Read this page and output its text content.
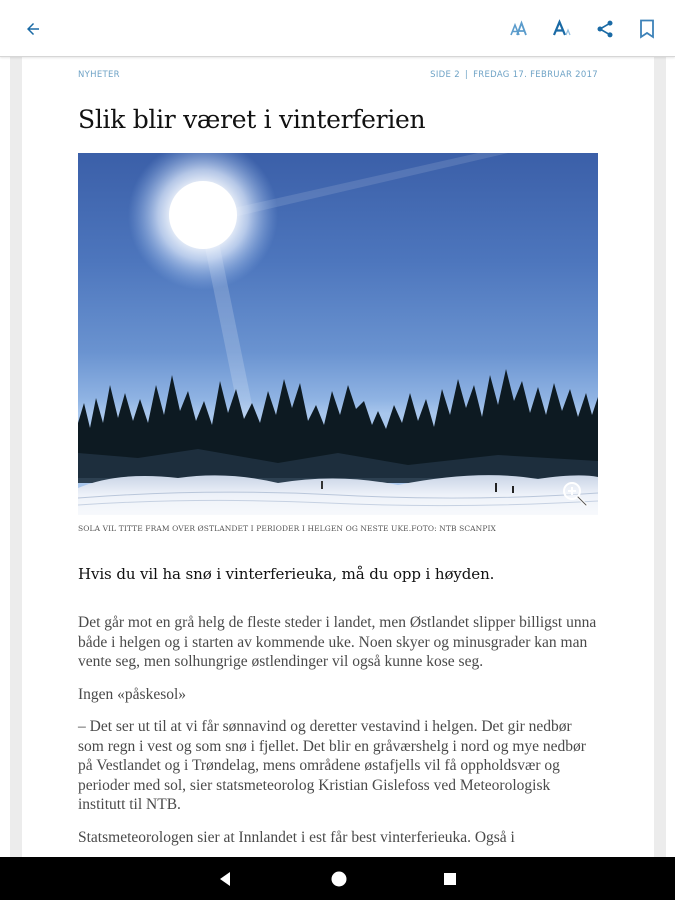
NYHETER	SIDE 2 | FREDAG 17. FEBRUAR 2017
Slik blir været i vinterferien
SOLA VIL TITTE FRAM OVER ØSTLANDET I PERIODER I HELGEN OG NESTE UKE.FOTO: NTB SCANPIX
Hvis du vil ha snø i vinterferieuka, må du opp i høyden.

Det går mot en grå helg de fleste steder i landet, men Østlandet slipper billigst unna både i helgen og i starten av kommende uke. Noen skyer og minusgrader kan man vente seg, men solhungrige østlendinger vil også kunne kose seg.

Ingen «påskesol»

– Det ser ut til at vi får sønnavind og deretter vestavind i helgen. Det gir nedbør som regn i vest og som snø i fjellet. Det blir en gråværshelg i nord og mye nedbør på Vestlandet og i Trøndelag, mens områdene østafjells vil få oppholdsvær og perioder med sol, sier statsmeteorolog Kristian Gislefoss ved Meteorologisk institutt til NTB.

Statsmeteorologen sier at Innlandet i est får best vinterferieuka. Også i
